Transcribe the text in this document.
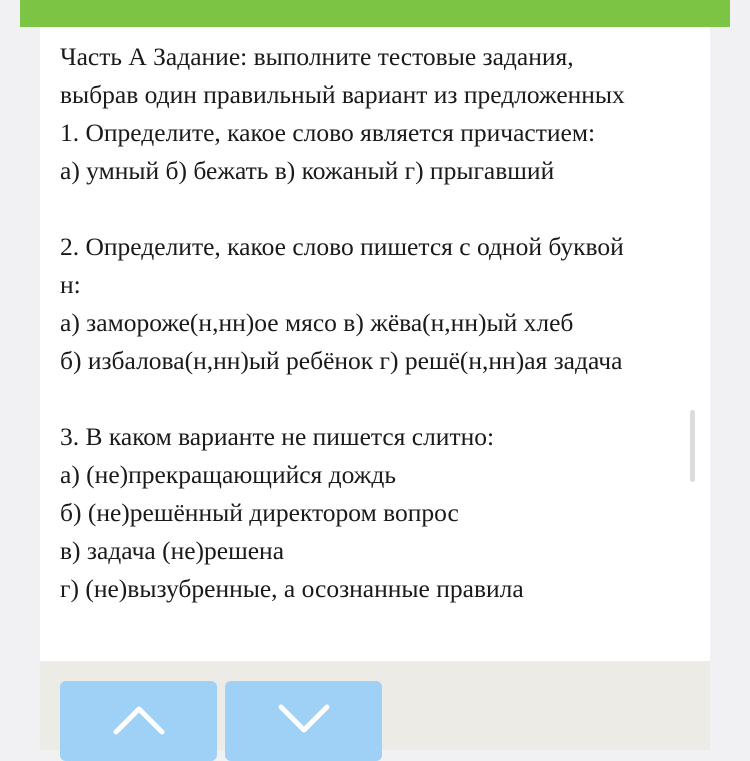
Часть А Задание: выполните тестовые задания,
выбрав один правильный вариант из предложенных
1. Определите, какое слово является причастием:
а) умный б) бежать в) кожаный г) прыгавший
2. Определите, какое слово пишется с одной буквой
н:
а) замороже(н,нн)ое мясо в) жёва(н,нн)ый хлеб
б) избалова(н,нн)ый ребёнок г) решё(н,нн)ая задача
3. В каком варианте не пишется слитно:
а) (не)прекращающийся дождь
б) (не)решённый директором вопрос
в) задача (не)решена
г) (не)вызубренные, а осознанные правила
